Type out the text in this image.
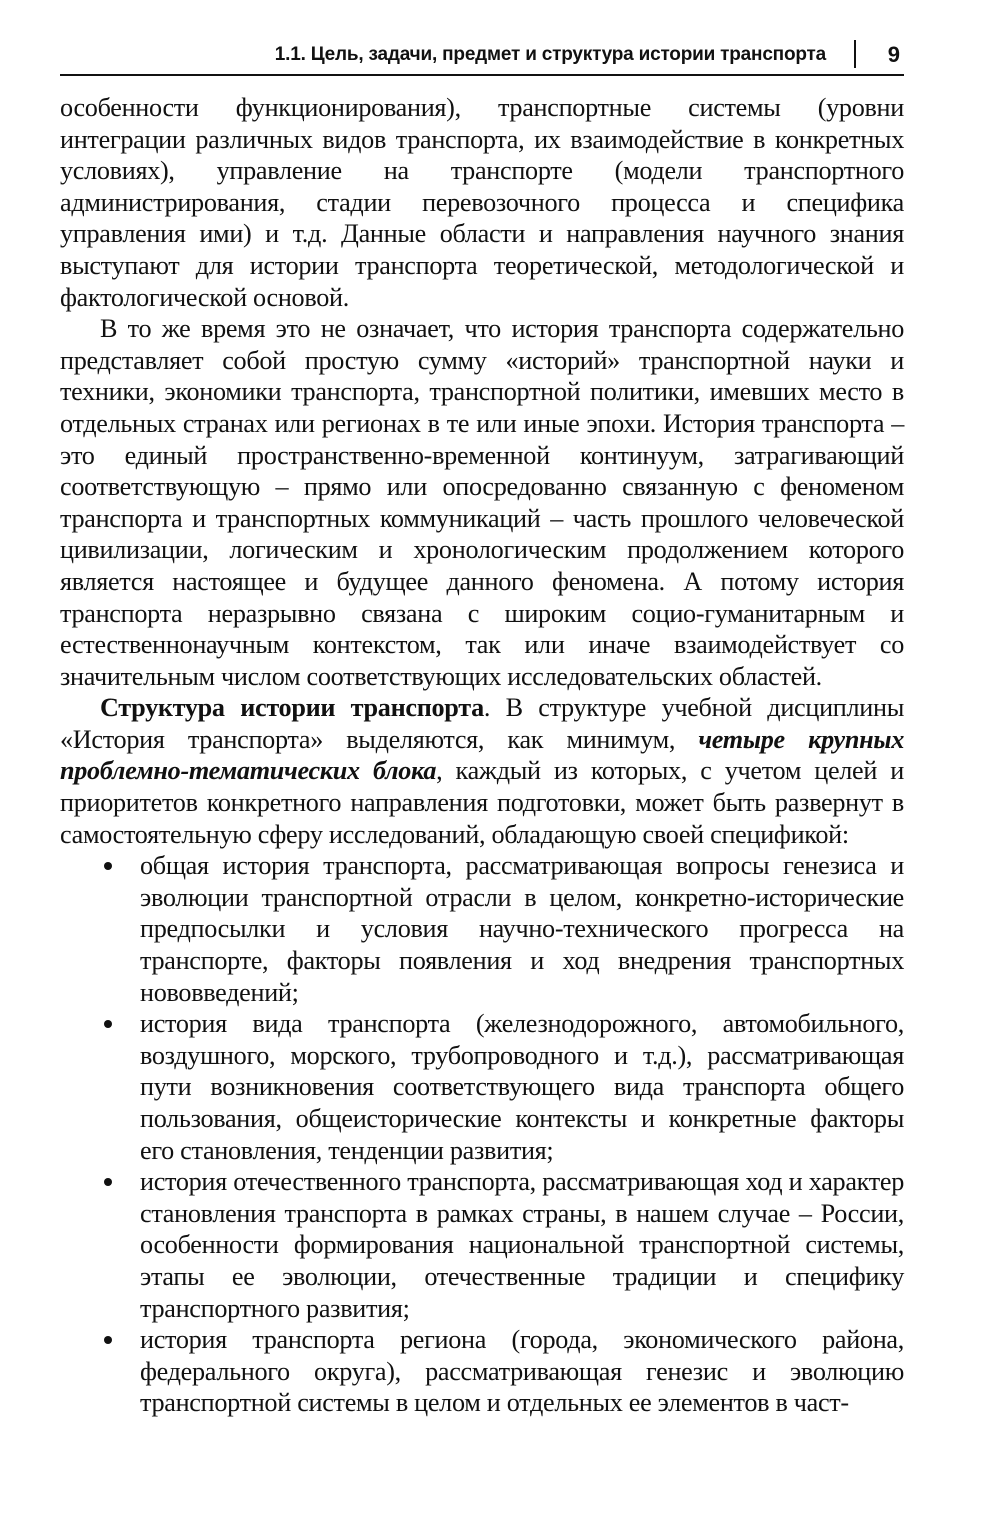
1.1. Цель, задачи, предмет и структура истории транспорта	9

особенности функционирования), транспортные системы (уровни интеграции различных видов транспорта, их взаимодействие в конкретных условиях), управление на транспорте (модели транспортного администрирования, стадии перевозочного процесса и специфика управления ими) и т.д. Данные области и направления научного знания выступают для истории транспорта теоретической, методологической и фактологической основой.

В то же время это не означает, что история транспорта содержательно представляет собой простую сумму «историй» транспортной науки и техники, экономики транспорта, транспортной политики, имевших место в отдельных странах или регионах в те или иные эпохи. История транспорта – это единый пространственно-временной континуум, затрагивающий соответствующую – прямо или опосредованно связанную с феноменом транспорта и транспортных коммуникаций – часть прошлого человеческой цивилизации, логическим и хронологическим продолжением которого является настоящее и будущее данного феномена. А потому история транспорта неразрывно связана с широким социо-гуманитарным и естественнонаучным контекстом, так или иначе взаимодействует со значительным числом соответствующих исследовательских областей.

Структура истории транспорта. В структуре учебной дисциплины «История транспорта» выделяются, как минимум, четыре крупных проблемно-тематических блока, каждый из которых, с учетом целей и приоритетов конкретного направления подготовки, может быть развернут в самостоятельную сферу исследований, обладающую своей спецификой:

общая история транспорта, рассматривающая вопросы генезиса и эволюции транспортной отрасли в целом, конкретно-исторические предпосылки и условия научно-технического прогресса на транспорте, факторы появления и ход внедрения транспортных нововведений;
история вида транспорта (железнодорожного, автомобильного, воздушного, морского, трубопроводного и т.д.), рассматривающая пути возникновения соответствующего вида транспорта общего пользования, общеисторические контексты и конкретные факторы его становления, тенденции развития;
история отечественного транспорта, рассматривающая ход и характер становления транспорта в рамках страны, в нашем случае – России, особенности формирования национальной транспортной системы, этапы ее эволюции, отечественные традиции и специфику транспортного развития;
история транспорта региона (города, экономического района, федерального округа), рассматривающая генезис и эволюцию транспортной системы в целом и отдельных ее элементов в част-
